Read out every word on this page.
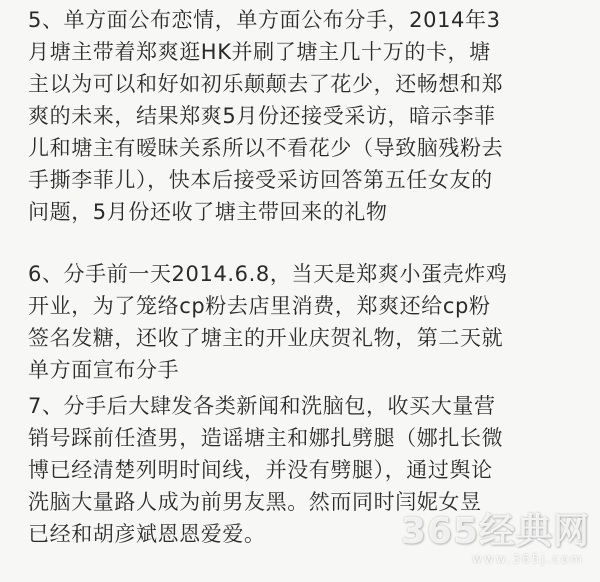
5、单方面公布恋情，单方面公布分手，2014年3
月塘主带着郑爽逛HK并刷了塘主几十万的卡，塘
主以为可以和好如初乐颠颠去了花少，还畅想和郑
爽的未来，结果郑爽5月份还接受采访，暗示李菲
儿和塘主有暧昧关系所以不看花少（导致脑残粉去
手撕李菲儿），快本后接受采访回答第五任女友的
问题，5月份还收了塘主带回来的礼物
6、分手前一天2014.6.8，当天是郑爽小蛋壳炸鸡
开业，为了笼络cp粉去店里消费，郑爽还给cp粉
签名发糖，还收了塘主的开业庆贺礼物，第二天就
单方面宣布分手
7、分手后大肆发各类新闻和洗脑包，收买大量营
销号踩前任渣男，造谣塘主和娜扎劈腿（娜扎长微
博已经清楚列明时间线，并没有劈腿），通过舆论
洗脑大量路人成为前男友黑。然而同时闫妮女昱
已经和胡彦斌恩恩爱爱。	365经典网
www.365j.com
